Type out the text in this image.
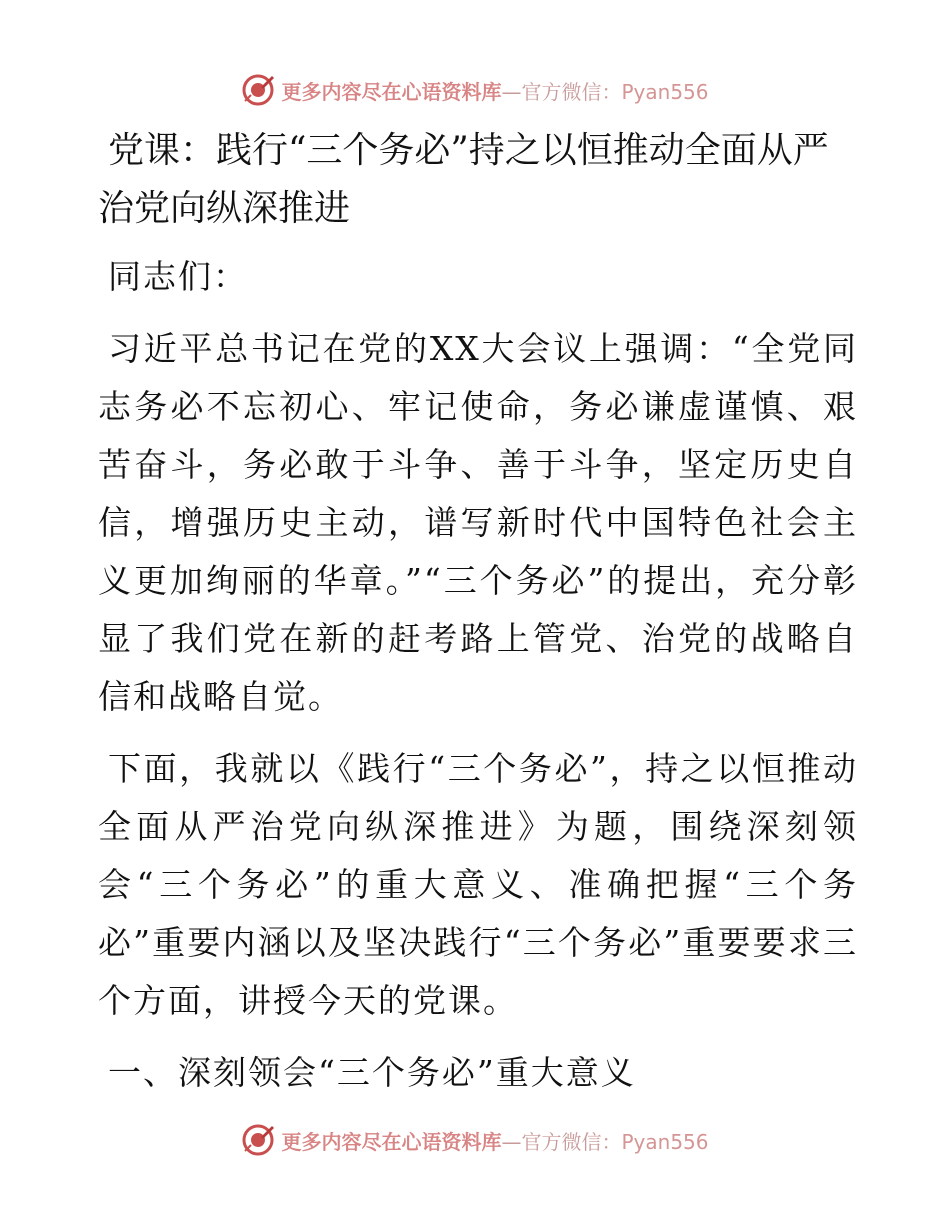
更多内容尽在心语资料库—官方微信：Pyan556
党课：践行“三个务必”持之以恒推动全面从严治党向纵深推进

同志们：

习近平总书记在党的XX大会议上强调：“全党同志务必不忘初心、牢记使命，务必谦虚谨慎、艰苦奋斗，务必敢于斗争、善于斗争，坚定历史自信，增强历史主动，谱写新时代中国特色社会主义更加绚丽的华章。”“三个务必”的提出，充分彰显了我们党在新的赶考路上管党、治党的战略自信和战略自觉。

下面，我就以《践行“三个务必”，持之以恒推动全面从严治党向纵深推进》为题，围绕深刻领会“三个务必”的重大意义、准确把握“三个务必”重要内涵以及坚决践行“三个务必”重要要求三个方面，讲授今天的党课。

一、深刻领会“三个务必”重大意义

更多内容尽在心语资料库—官方微信：Pyan556
